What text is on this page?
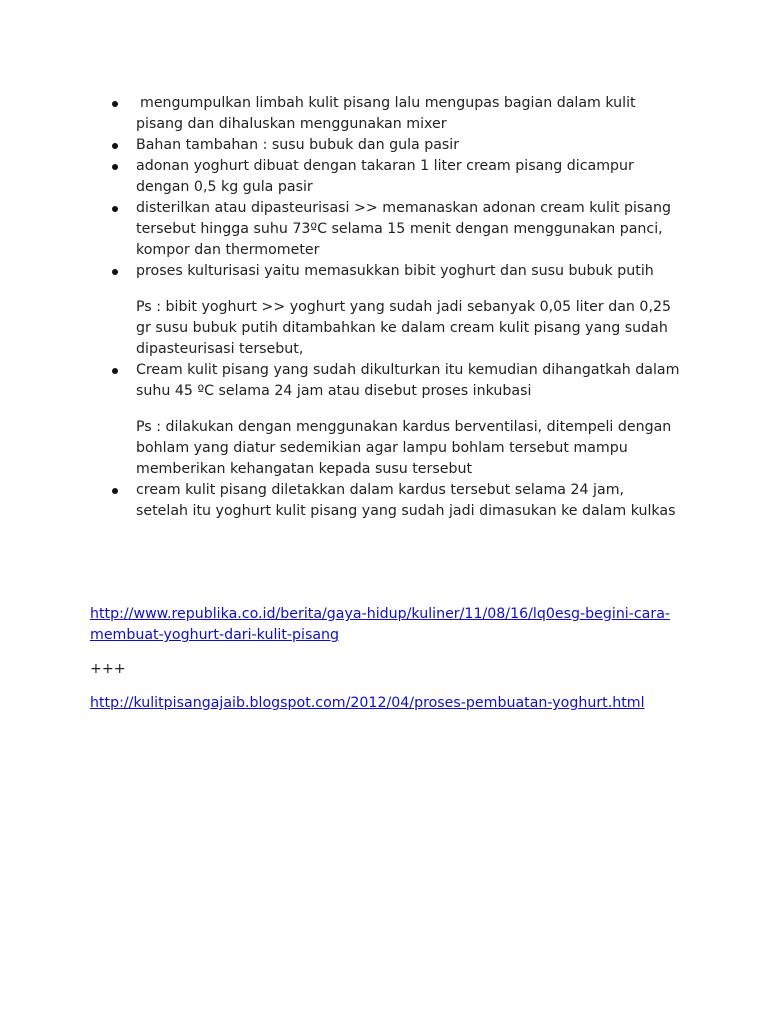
mengumpulkan limbah kulit pisang lalu mengupas bagian dalam kulit pisang dan dihaluskan menggunakan mixer
Bahan tambahan : susu bubuk dan gula pasir
adonan yoghurt dibuat dengan takaran 1 liter cream pisang dicampur dengan 0,5 kg gula pasir
disterilkan atau dipasteurisasi >> memanaskan adonan cream kulit pisang tersebut hingga suhu 73ºC selama 15 menit dengan menggunakan panci, kompor dan thermometer
proses kulturisasi yaitu memasukkan bibit yoghurt dan susu bubuk putih
Ps : bibit yoghurt >> yoghurt yang sudah jadi sebanyak 0,05 liter dan 0,25 gr susu bubuk putih ditambahkan ke dalam cream kulit pisang yang sudah dipasteurisasi tersebut,
Cream kulit pisang yang sudah dikulturkan itu kemudian dihangatkah dalam suhu 45 ºC selama 24 jam atau disebut proses inkubasi
Ps : dilakukan dengan menggunakan kardus berventilasi, ditempeli dengan bohlam yang diatur sedemikian agar lampu bohlam tersebut mampu memberikan kehangatan kepada susu tersebut
cream kulit pisang diletakkan dalam kardus tersebut selama 24 jam, setelah itu yoghurt kulit pisang yang sudah jadi dimasukan ke dalam kulkas
http://www.republika.co.id/berita/gaya-hidup/kuliner/11/08/16/lq0esg-begini-cara-membuat-yoghurt-dari-kulit-pisang
+++
http://kulitpisangajaib.blogspot.com/2012/04/proses-pembuatan-yoghurt.html
